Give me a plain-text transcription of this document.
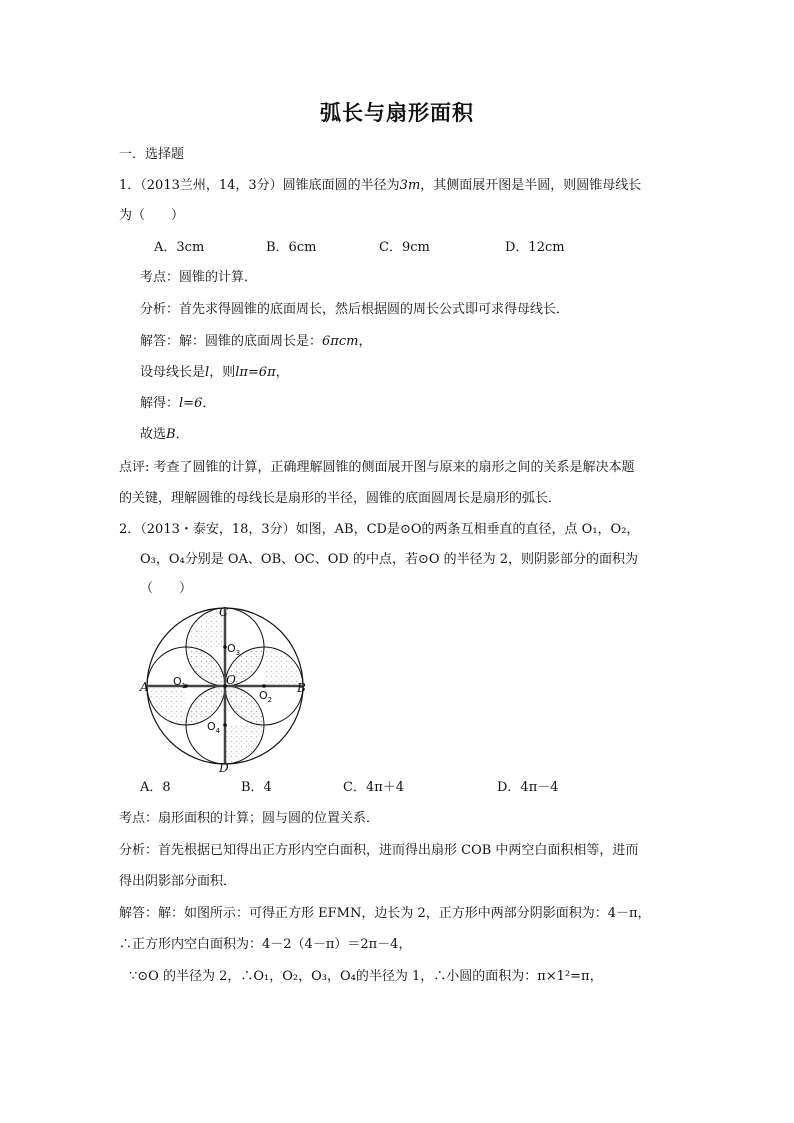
弧长与扇形面积
一．选择题
1．（2013兰州，14，3分）圆锥底面圆的半径为3m，其侧面展开图是半圆，则圆锥母线长
为（　　）
A．3cm	B．6cm	C．9cm	D．12cm
考点：圆锥的计算．
分析：首先求得圆锥的底面周长，然后根据圆的周长公式即可求得母线长．
解答：解：圆锥的底面周长是：6πcm，
设母线长是l，则lπ=6π，
解得：l=6．
故选B．
点评: 考查了圆锥的计算，正确理解圆锥的侧面展开图与原来的扇形之间的关系是解决本题
的关键，理解圆锥的母线长是扇形的半径，圆锥的底面圆周长是扇形的弧长．
2．（2013・泰安，18，3分）如图，AB，CD是⊙O的两条互相垂直的直径，点 O₁，O₂，
O₃，O₄分别是 OA、OB、OC、OD 的中点，若⊙O 的半径为 2，则阴影部分的面积为
（　　）
C
D
A	B
O
$O_3$
$O_1$
$O_2$
$O_4$
A．8	B．4	C．4π＋4	D．4π－4
考点：扇形面积的计算；圆与圆的位置关系．
分析：首先根据已知得出正方形内空白面积，进而得出扇形 COB 中两空白面积相等，进而
得出阴影部分面积．
解答：解：如图所示：可得正方形 EFMN，边长为 2，正方形中两部分阴影面积为：4－π，
∴正方形内空白面积为：4－2（4－π）＝2π－4，
∵⊙O 的半径为 2，∴O₁，O₂，O₃，O₄的半径为 1，∴小圆的面积为：π×1²=π，
